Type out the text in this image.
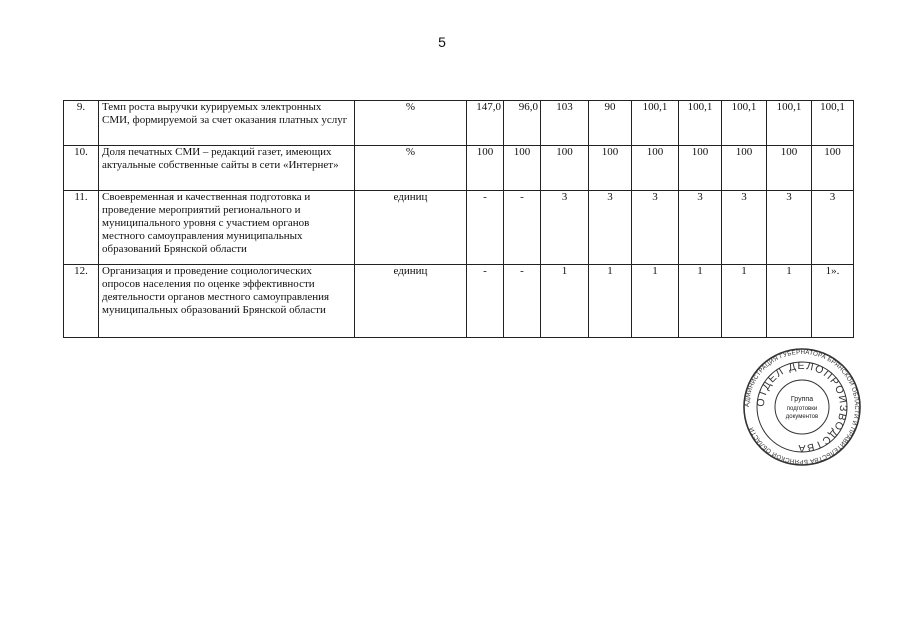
5
9.	Темп роста выручки курируемых электронных СМИ, формируемой за счет оказания платных услуг	%	147,0	96,0	103	90	100,1	100,1	100,1	100,1	100,1
10.	Доля печатных СМИ – редакций газет, имеющих актуальные собственные сайты в сети «Интернет»	%	100	100	100	100	100	100	100	100	100
11.	Своевременная и качественная подготовка и проведение мероприятий регионального и муниципального уровня с участием органов местного самоуправления муниципальных образований Брянской области	единиц	-	-	3	3	3	3	3	3	3
12.	Организация и проведение социологических опросов населения по оценке эффективности деятельности органов местного самоуправления муниципальных образований Брянской области	единиц	-	-	1	1	1	1	1	1	1».
АДМИНИСТРАЦИЯ ГУБЕРНАТОРА БРЯНСКОЙ ОБЛАСТИ И ПРАВИТЕЛЬСТВА БРЯНСКОЙ ОБЛАСТИ
ОТДЕЛ ДЕЛОПРОИЗВОДСТВА
Группа
подготовки
документов
